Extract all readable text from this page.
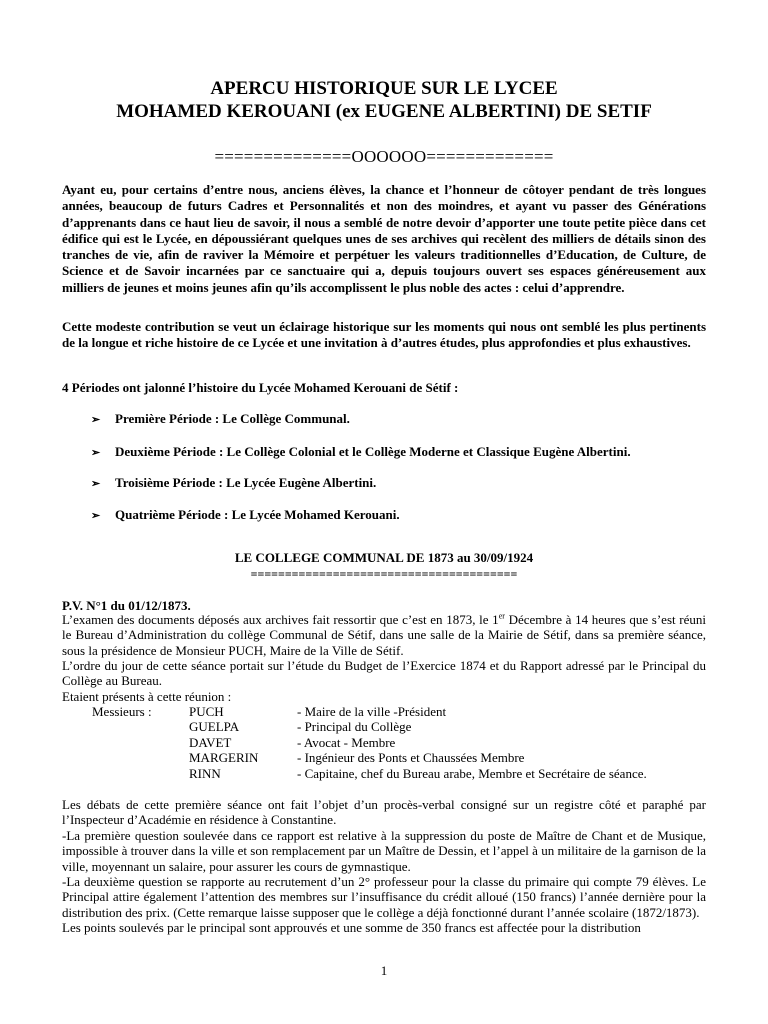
APERCU HISTORIQUE SUR LE LYCEE
MOHAMED KEROUANI (ex EUGENE ALBERTINI) DE SETIF
==============OOOOOO=============
Ayant eu, pour certains d’entre nous, anciens élèves, la chance et l’honneur de côtoyer pendant de très longues années, beaucoup de futurs Cadres et Personnalités et non des moindres, et ayant vu passer des Générations d’apprenants dans ce haut lieu de savoir, il nous a semblé de notre devoir d’apporter une toute petite pièce dans cet édifice qui est le Lycée, en dépoussiérant quelques unes de ses archives qui recèlent des milliers de détails sinon des tranches de vie, afin de raviver la Mémoire et perpétuer les valeurs traditionnelles d’Education, de Culture, de Science et de Savoir incarnées par ce sanctuaire qui a, depuis toujours ouvert ses espaces généreusement aux milliers de jeunes et moins jeunes afin qu’ils accomplissent le plus noble des actes : celui d’apprendre.
Cette modeste contribution se veut un éclairage historique sur les moments qui nous ont semblé les plus pertinents de la longue et riche histoire de ce Lycée et une invitation à d’autres études, plus approfondies et plus exhaustives.
4 Périodes ont jalonné l’histoire du Lycée Mohamed Kerouani de Sétif :
➢ Première Période : Le Collège Communal.
➢ Deuxième Période : Le Collège Colonial et le Collège Moderne et Classique Eugène Albertini.
➢ Troisième Période : Le Lycée Eugène Albertini.
➢ Quatrième Période : Le Lycée Mohamed Kerouani.
LE COLLEGE COMMUNAL DE 1873 au 30/09/1924
=======================================
P.V. N°1 du 01/12/1873.
L’examen des documents déposés aux archives fait ressortir que c’est en 1873, le 1er Décembre à 14 heures que s’est réuni le Bureau d’Administration du collège Communal de Sétif, dans une salle de la Mairie de Sétif, dans sa première séance, sous la présidence de Monsieur PUCH, Maire de la Ville de Sétif.
L’ordre du jour de cette séance portait sur l’étude du Budget de l’Exercice 1874 et du Rapport adressé par le Principal du Collège au Bureau.
Etaient présents à cette réunion :
Messieurs :	PUCH	- Maire de la ville -Président
GUELPA	- Principal du Collège
DAVET	- Avocat - Membre
MARGERIN	- Ingénieur des Ponts et Chaussées Membre
RINN	- Capitaine, chef du Bureau arabe, Membre et Secrétaire de séance.
Les débats de cette première séance ont fait l’objet d’un procès-verbal consigné sur un registre côté et paraphé par l’Inspecteur d’Académie en résidence à Constantine.
-La première question soulevée dans ce rapport est relative à la suppression du poste de Maître de Chant et de Musique, impossible à trouver dans la ville et son remplacement par un Maître de Dessin, et l’appel à un militaire de la garnison de la ville, moyennant un salaire, pour assurer les cours de gymnastique.
-La deuxième question se rapporte au recrutement d’un 2° professeur pour la classe du primaire qui compte 79 élèves. Le Principal attire également l’attention des membres sur l’insuffisance du crédit alloué (150 francs) l’année dernière pour la distribution des prix. (Cette remarque laisse supposer que le collège a déjà fonctionné durant l’année scolaire (1872/1873).
Les points soulevés par le principal sont approuvés et une somme de 350 francs est affectée pour la distribution
1
